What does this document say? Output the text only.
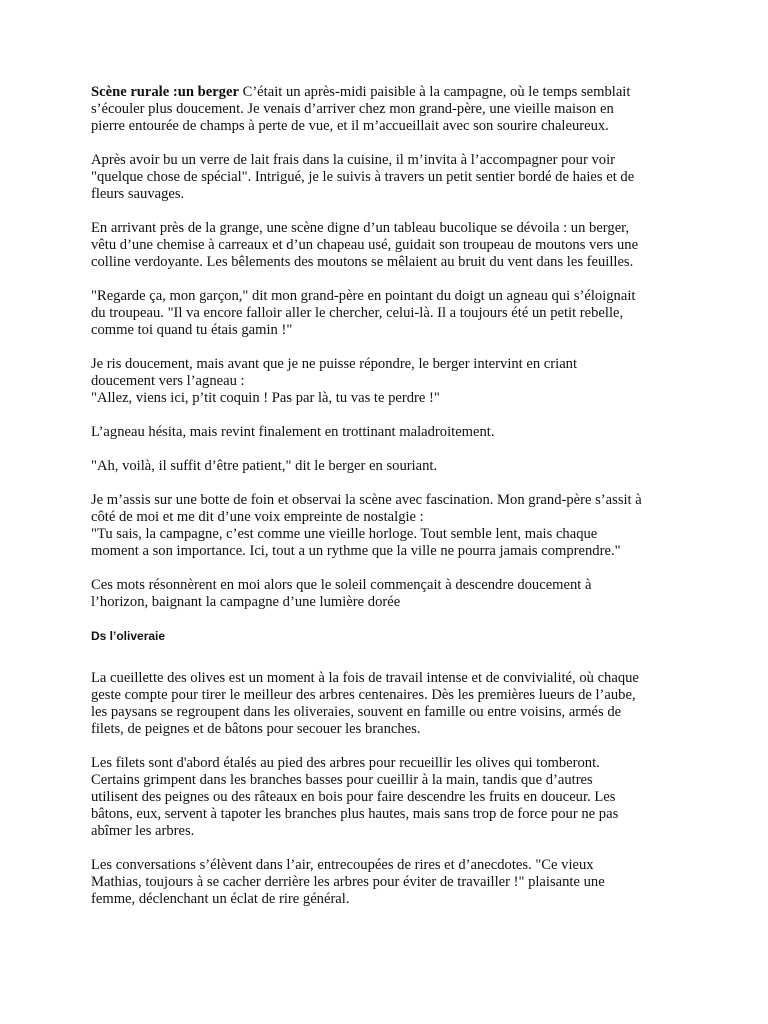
Scène rurale :un berger C’était un après-midi paisible à la campagne, où le temps semblait
s’écouler plus doucement. Je venais d’arriver chez mon grand-père, une vieille maison en
pierre entourée de champs à perte de vue, et il m’accueillait avec son sourire chaleureux.

Après avoir bu un verre de lait frais dans la cuisine, il m’invita à l’accompagner pour voir
"quelque chose de spécial". Intrigué, je le suivis à travers un petit sentier bordé de haies et de
fleurs sauvages.

En arrivant près de la grange, une scène digne d’un tableau bucolique se dévoila : un berger,
vêtu d’une chemise à carreaux et d’un chapeau usé, guidait son troupeau de moutons vers une
colline verdoyante. Les bêlements des moutons se mêlaient au bruit du vent dans les feuilles.

"Regarde ça, mon garçon," dit mon grand-père en pointant du doigt un agneau qui s’éloignait
du troupeau. "Il va encore falloir aller le chercher, celui-là. Il a toujours été un petit rebelle,
comme toi quand tu étais gamin !"

Je ris doucement, mais avant que je ne puisse répondre, le berger intervint en criant
doucement vers l’agneau :
"Allez, viens ici, p’tit coquin ! Pas par là, tu vas te perdre !"

L’agneau hésita, mais revint finalement en trottinant maladroitement.

"Ah, voilà, il suffit d’être patient," dit le berger en souriant.

Je m’assis sur une botte de foin et observai la scène avec fascination. Mon grand-père s’assit à
côté de moi et me dit d’une voix empreinte de nostalgie :
"Tu sais, la campagne, c’est comme une vieille horloge. Tout semble lent, mais chaque
moment a son importance. Ici, tout a un rythme que la ville ne pourra jamais comprendre."

Ces mots résonnèrent en moi alors que le soleil commençait à descendre doucement à
l’horizon, baignant la campagne d’une lumière dorée

Ds l’oliveraie

La cueillette des olives est un moment à la fois de travail intense et de convivialité, où chaque
geste compte pour tirer le meilleur des arbres centenaires. Dès les premières lueurs de l’aube,
les paysans se regroupent dans les oliveraies, souvent en famille ou entre voisins, armés de
filets, de peignes et de bâtons pour secouer les branches.

Les filets sont d'abord étalés au pied des arbres pour recueillir les olives qui tomberont.
Certains grimpent dans les branches basses pour cueillir à la main, tandis que d’autres
utilisent des peignes ou des râteaux en bois pour faire descendre les fruits en douceur. Les
bâtons, eux, servent à tapoter les branches plus hautes, mais sans trop de force pour ne pas
abîmer les arbres.

Les conversations s’élèvent dans l’air, entrecoupées de rires et d’anecdotes. "Ce vieux
Mathias, toujours à se cacher derrière les arbres pour éviter de travailler !" plaisante une
femme, déclenchant un éclat de rire général.
